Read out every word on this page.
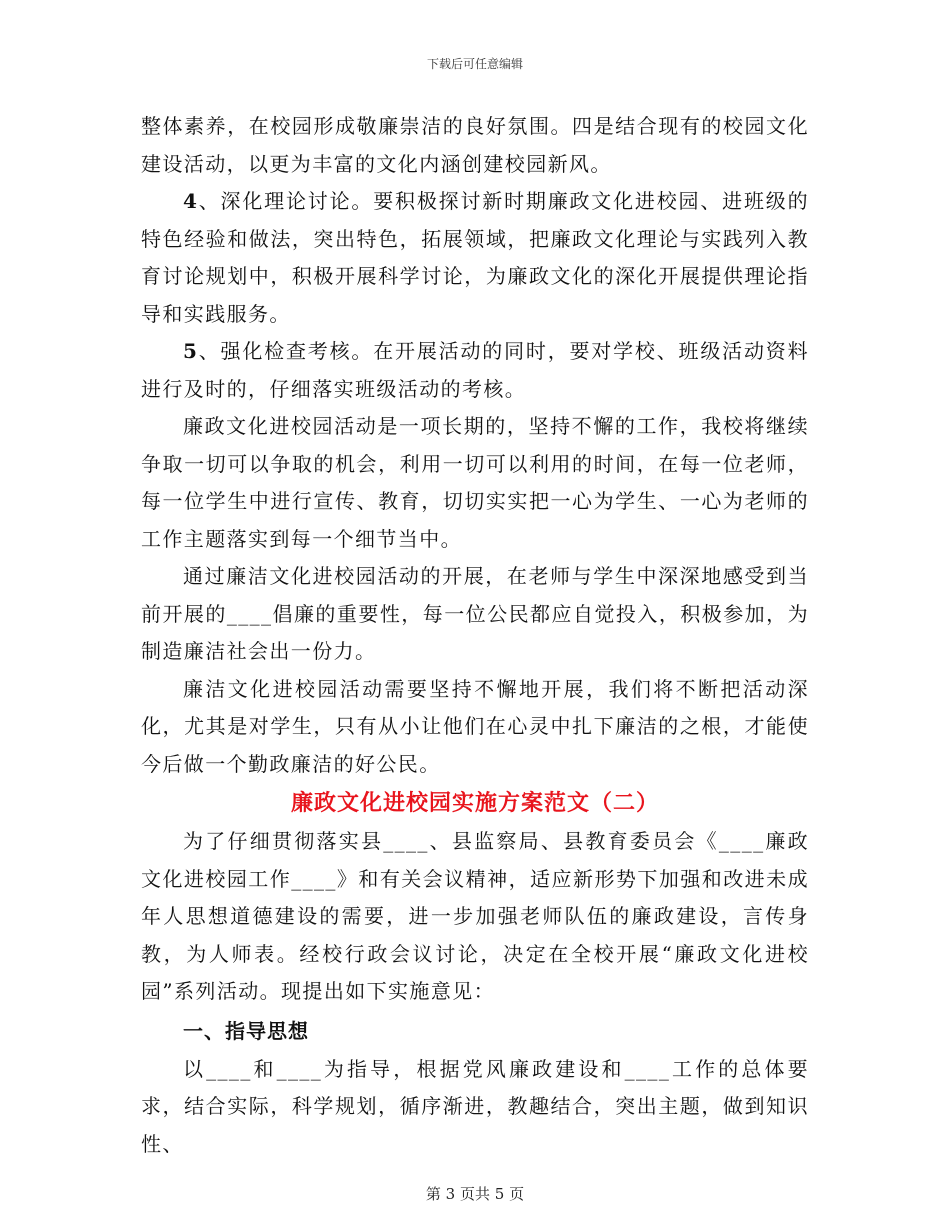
下载后可任意编辑

整体素养，在校园形成敬廉崇洁的良好氛围。四是结合现有的校园文化建设活动，以更为丰富的文化内涵创建校园新风。

4、深化理论讨论。要积极探讨新时期廉政文化进校园、进班级的特色经验和做法，突出特色，拓展领域，把廉政文化理论与实践列入教育讨论规划中，积极开展科学讨论，为廉政文化的深化开展提供理论指导和实践服务。

5、强化检查考核。在开展活动的同时，要对学校、班级活动资料进行及时的，仔细落实班级活动的考核。

廉政文化进校园活动是一项长期的，坚持不懈的工作，我校将继续争取一切可以争取的机会，利用一切可以利用的时间，在每一位老师，每一位学生中进行宣传、教育，切切实实把一心为学生、一心为老师的工作主题落实到每一个细节当中。

通过廉洁文化进校园活动的开展，在老师与学生中深深地感受到当前开展的____倡廉的重要性，每一位公民都应自觉投入，积极参加，为制造廉洁社会出一份力。

廉洁文化进校园活动需要坚持不懈地开展，我们将不断把活动深化，尤其是对学生，只有从小让他们在心灵中扎下廉洁的之根，才能使今后做一个勤政廉洁的好公民。

廉政文化进校园实施方案范文（二）

为了仔细贯彻落实县____、县监察局、县教育委员会《____廉政文化进校园工作____》和有关会议精神，适应新形势下加强和改进未成年人思想道德建设的需要，进一步加强老师队伍的廉政建设，言传身教，为人师表。经校行政会议讨论，决定在全校开展“廉政文化进校园”系列活动。现提出如下实施意见：

一、指导思想

以____和____为指导，根据党风廉政建设和____工作的总体要求，结合实际，科学规划，循序渐进，教趣结合，突出主题，做到知识性、

第 3 页共 5 页
